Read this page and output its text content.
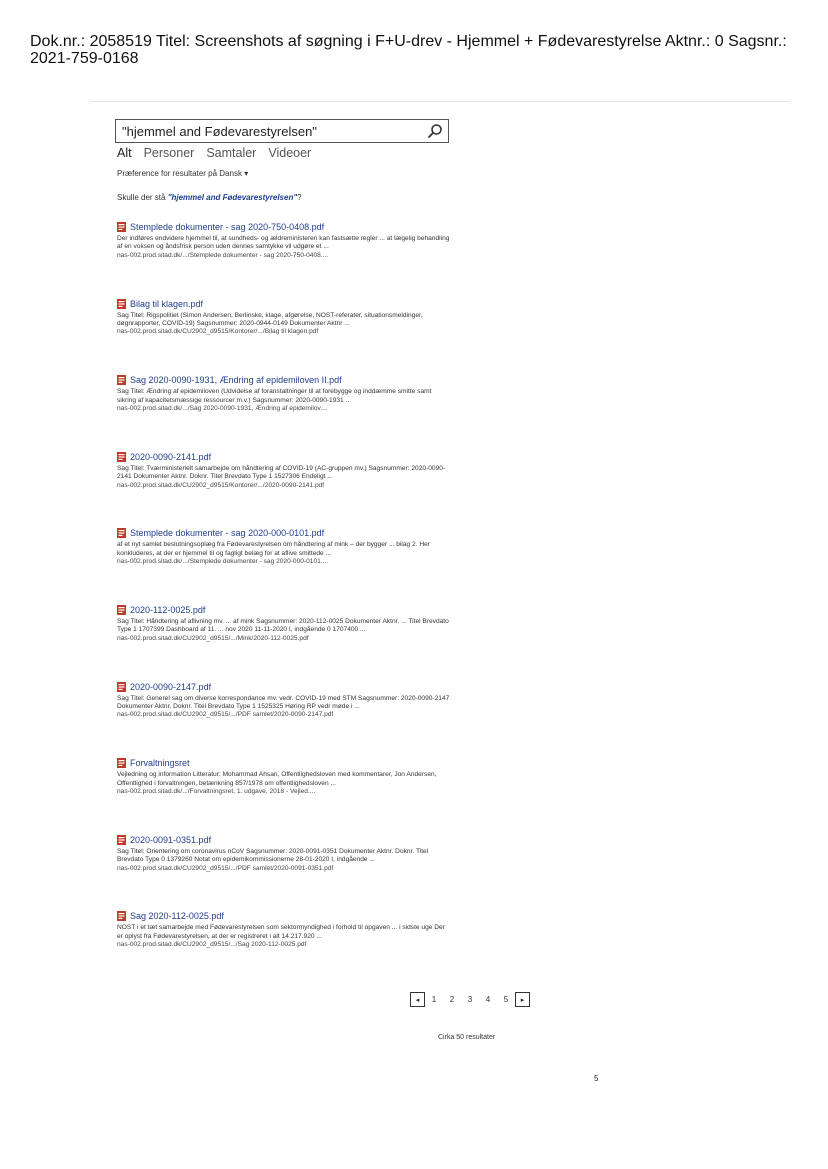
Dok.nr.: 2058519 Titel: Screenshots af søgning i F+U-drev - Hjemmel + Fødevarestyrelse Aktnr.: 0 Sagsnr.: 2021-759-0168
"hjemmel and Fødevarestyrelsen"
Alt Personer Samtaler Videoer
Præference for resultater på Dansk ▾
Skulle der stå "hjemmel and Fødevarestyrelsen"?
Stemplede dokumenter - sag 2020-750-0408.pdf
Der indføres endvidere hjemmel til, at sundheds- og ældreministeren kan fastsætte regler ... at lægelig behandling af en voksen og åndsfrisk person uden dennes samtykke vil udgøre et ...
nas-002.prod.sitad.dk/.../Stemplede dokumenter - sag 2020-750-0408....
Bilag til klagen.pdf
Sag Titel: Rigspolitiet (Simon Andersen, Berlinske, klage, afgørelse, NOST-referater, situationsmeldinger, døgnrapporter, COVID-19) Sagsnummer: 2020-0944-0149 Dokumenter Aktnr ...
nas-002.prod.sitad.dk/CU2902_d9515/Kontorer/.../Bilag til klagen.pdf
Sag 2020-0090-1931, Ændring af epidemiloven II.pdf
Sag Titel: Ændring af epidemiloven (Udvidelse af foranstaltninger til at forebygge og inddæmme smitte samt sikring af kapacitetsmæssige ressourcer m.v.) Sagsnummer: 2020-0090-1931 ...
nas-002.prod.sitad.dk/.../Sag 2020-0090-1931, Ændring af epidemilov....
2020-0090-2141.pdf
Sag Titel: Tværministerielt samarbejde om håndtering af COVID-19 (AC-gruppen mv.) Sagsnummer: 2020-0090-2141 Dokumenter Aktnr. Doknr. Titel Brevdato Type 1 1527306 Endeligt ...
nas-002.prod.sitad.dk/CU2902_d9515/Kontorer/.../2020-0090-2141.pdf
Stemplede dokumenter - sag 2020-000-0101.pdf
af et nyt samlet beslutningsoplæg fra Fødevarestyrelsen om håndtering af mink – der bygger ... bilag 2. Her konkluderes, at der er hjemmel til og fagligt belæg for at aflive smittede ...
nas-002.prod.sitad.dk/.../Stemplede dokumenter - sag 2020-000-0101....
2020-112-0025.pdf
Sag Titel: Håndtering af aflivning mv. ... af mink Sagsnummer: 2020-112-0025 Dokumenter Aktnr. ... Titel Brevdato Type 1 1707399 Dashboard af 11. ... nov 2020 11-11-2020 I, indgående 0 1707400 ...
nas-002.prod.sitad.dk/CU2902_d9515/.../Mink/2020-112-0025.pdf
2020-0090-2147.pdf
Sag Titel: Generel sag om diverse korrespondance mv. vedr. COVID-19 med STM Sagsnummer: 2020-0090-2147 Dokumenter Aktnr. Doknr. Titel Brevdato Type 1 1525325 Høring RP vedr møde i ...
nas-002.prod.sitad.dk/CU2902_d9515/.../PDF samlet/2020-0090-2147.pdf
Forvaltningsret
Vejledning og information Litteratur: Mohammad Ahsan, Offentlighedsloven med kommentarer, Jon Andersen, Offentlighed i forvaltningen, betænkning 857/1978 om offentlighedsloven ...
nas-002.prod.sitad.dk/.../Forvaltningsret, 1. udgave, 2018 - Vejled....
2020-0091-0351.pdf
Sag Titel: Orientering om coronavirus nCoV Sagsnummer: 2020-0091-0351 Dokumenter Aktnr. Doknr. Titel Brevdato Type 0 1379260 Notat om epidemikommissionerne 28-01-2020 I, indgående ...
nas-002.prod.sitad.dk/CU2902_d9515/.../PDF samlet/2020-0091-0351.pdf
Sag 2020-112-0025.pdf
NOST i et tæt samarbejde med Fødevarestyrelsen som sektormyndighed i forhold til opgaven ... i sidste uge Der er oplyst fra Fødevarestyrelsen, at der er registreret i alt 14.217.920 ...
nas-002.prod.sitad.dk/CU2902_d9515/.../Sag 2020-112-0025.pdf
◂	1	2	3	4	5	▸
Cirka 50 resultater
5
